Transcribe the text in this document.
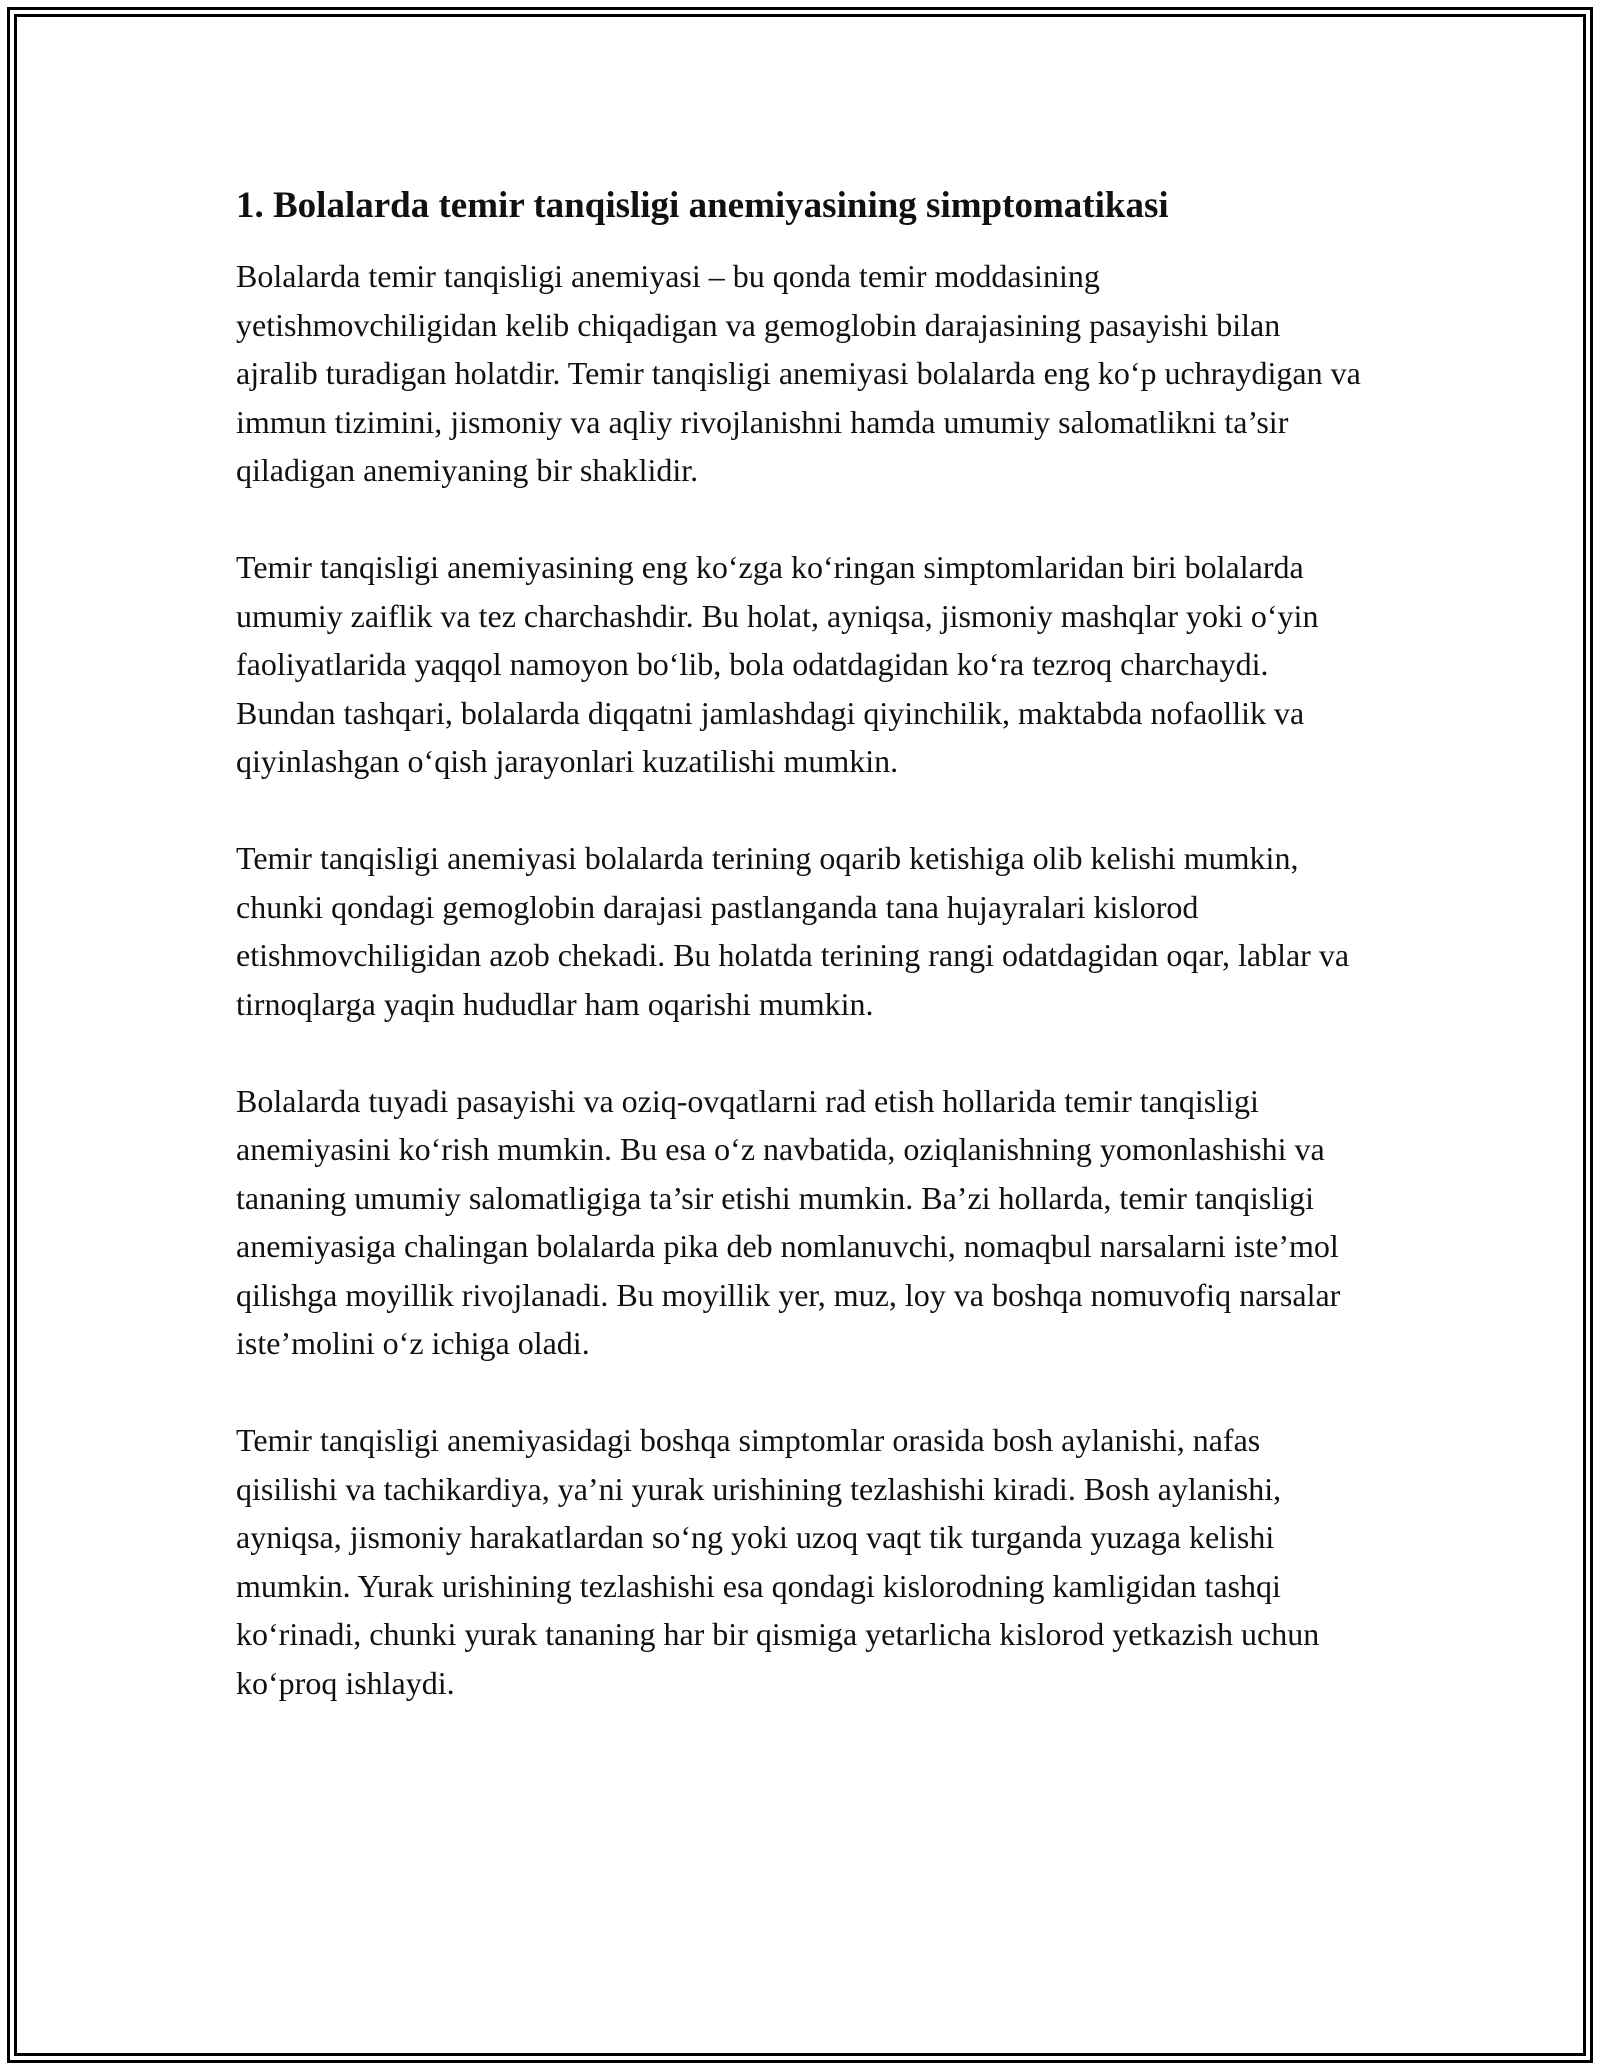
1. Bolalarda temir tanqisligi anemiyasining simptomatikasi

Bolalarda temir tanqisligi anemiyasi – bu qonda temir moddasining yetishmovchiligidan kelib chiqadigan va gemoglobin darajasining pasayishi bilan ajralib turadigan holatdir. Temir tanqisligi anemiyasi bolalarda eng ko‘p uchraydigan va immun tizimini, jismoniy va aqliy rivojlanishni hamda umumiy salomatlikni ta’sir qiladigan anemiyaning bir shaklidir.

Temir tanqisligi anemiyasining eng ko‘zga ko‘ringan simptomlaridan biri bolalarda umumiy zaiflik va tez charchashdir. Bu holat, ayniqsa, jismoniy mashqlar yoki o‘yin faoliyatlarida yaqqol namoyon bo‘lib, bola odatdagidan ko‘ra tezroq charchaydi. Bundan tashqari, bolalarda diqqatni jamlashdagi qiyinchilik, maktabda nofaollik va qiyinlashgan o‘qish jarayonlari kuzatilishi mumkin.

Temir tanqisligi anemiyasi bolalarda terining oqarib ketishiga olib kelishi mumkin, chunki qondagi gemoglobin darajasi pastlanganda tana hujayralari kislorod etishmovchiligidan azob chekadi. Bu holatda terining rangi odatdagidan oqar, lablar va tirnoqlarga yaqin hududlar ham oqarishi mumkin.

Bolalarda tuyadi pasayishi va oziq-ovqatlarni rad etish hollarida temir tanqisligi anemiyasini ko‘rish mumkin. Bu esa o‘z navbatida, oziqlanishning yomonlashishi va tananing umumiy salomatligiga ta’sir etishi mumkin. Ba’zi hollarda, temir tanqisligi anemiyasiga chalingan bolalarda pika deb nomlanuvchi, nomaqbul narsalarni iste’mol qilishga moyillik rivojlanadi. Bu moyillik yer, muz, loy va boshqa nomuvofiq narsalar iste’molini o‘z ichiga oladi.

Temir tanqisligi anemiyasidagi boshqa simptomlar orasida bosh aylanishi, nafas qisilishi va tachikardiya, ya’ni yurak urishining tezlashishi kiradi. Bosh aylanishi, ayniqsa, jismoniy harakatlardan so‘ng yoki uzoq vaqt tik turganda yuzaga kelishi mumkin. Yurak urishining tezlashishi esa qondagi kislorodning kamligidan tashqi ko‘rinadi, chunki yurak tananing har bir qismiga yetarlicha kislorod yetkazish uchun ko‘proq ishlaydi.
